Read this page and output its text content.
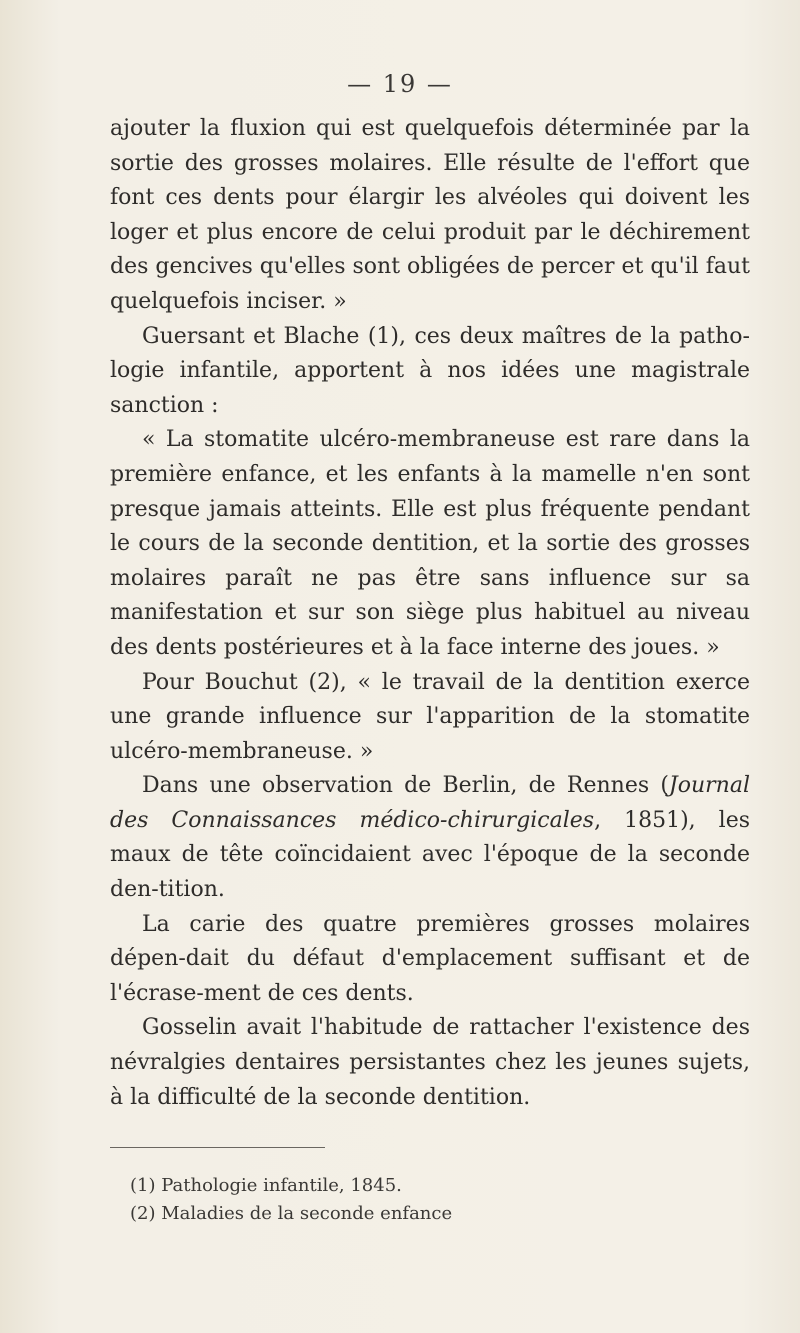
— 19 —

ajouter la fluxion qui est quelquefois déterminée par la sortie des grosses molaires. Elle résulte de l'effort que font ces dents pour élargir les alvéoles qui doivent les loger et plus encore de celui produit par le déchirement des gencives qu'elles sont obligées de percer et qu'il faut quelquefois inciser. »

Guersant et Blache (1), ces deux maîtres de la patho-logie infantile, apportent à nos idées une magistrale sanction :

« La stomatite ulcéro-membraneuse est rare dans la première enfance, et les enfants à la mamelle n'en sont presque jamais atteints. Elle est plus fréquente pendant le cours de la seconde dentition, et la sortie des grosses molaires paraît ne pas être sans influence sur sa manifestation et sur son siège plus habituel au niveau des dents postérieures et à la face interne des joues. »

Pour Bouchut (2), « le travail de la dentition exerce une grande influence sur l'apparition de la stomatite ulcéro-membraneuse. »

Dans une observation de Berlin, de Rennes (Journal des Connaissances médico-chirurgicales, 1851), les maux de tête coïncidaient avec l'époque de la seconde den-tition.

La carie des quatre premières grosses molaires dépen-dait du défaut d'emplacement suffisant et de l'écrase-ment de ces dents.

Gosselin avait l'habitude de rattacher l'existence des névralgies dentaires persistantes chez les jeunes sujets, à la difficulté de la seconde dentition.

(1) Pathologie infantile, 1845.

(2) Maladies de la seconde enfance
